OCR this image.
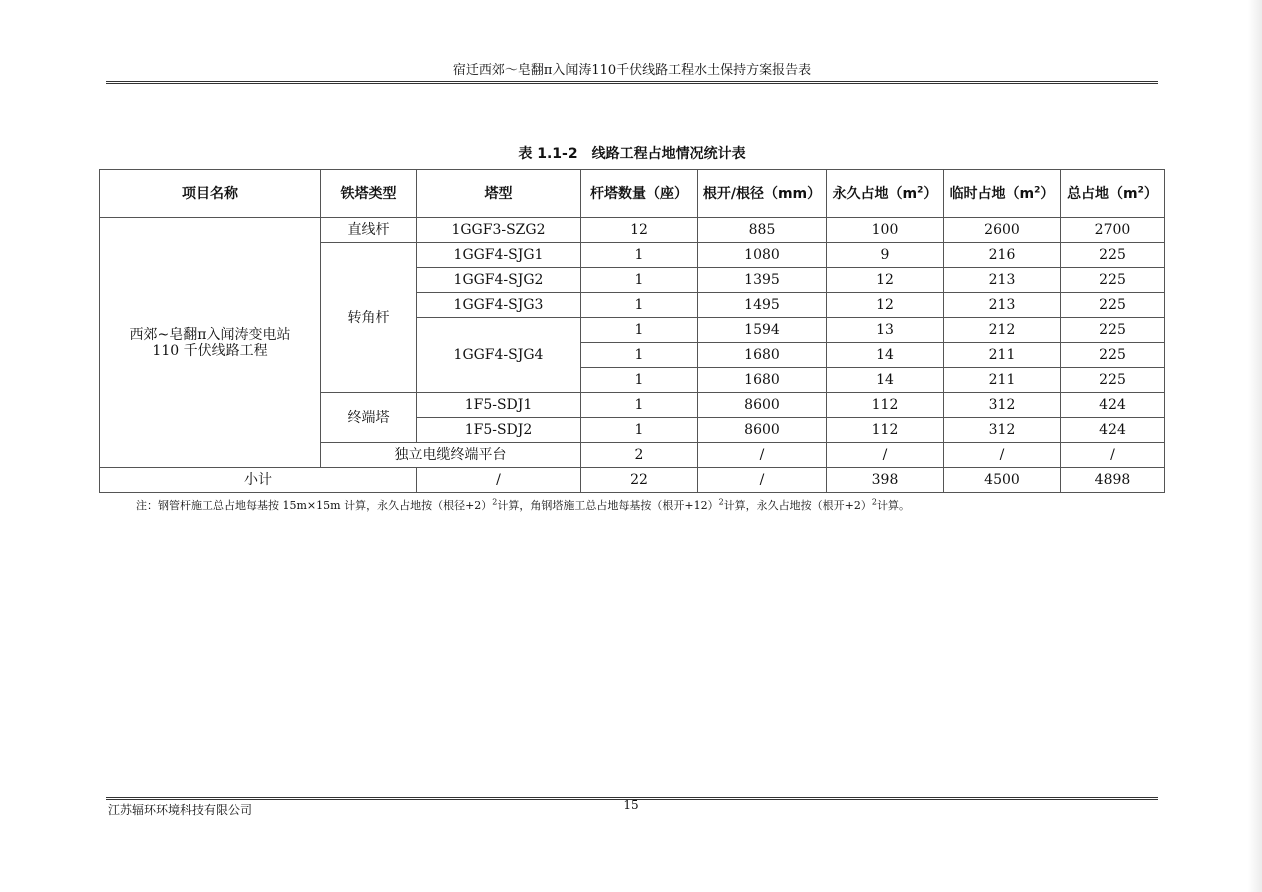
宿迁西郊～皂翻π入闻涛110千伏线路工程水土保持方案报告表
表 1.1-2　线路工程占地情况统计表
项目名称	铁塔类型	塔型	杆塔数量（座）	根开/根径（mm）	永久占地$(m^2)$	临时占地$(m^2)$	总占地$(m^2)$

西郊~皂翻π入闻涛变电站
110 千伏线路工程	直线杆	1GGF3-SZG2	12	885	100	2600	2700
	转角杆	1GGF4-SJG1	1	1080	9	216	225
		1GGF4-SJG2	1	1395	12	213	225
		1GGF4-SJG3	1	1495	12	213	225
		1GGF4-SJG4	1	1594	13	212	225
			1	1680	14	211	225
			1	1680	14	211	225
	终端塔	1F5-SDJ1	1	8600	112	312	424
		1F5-SDJ2	1	8600	112	312	424
	独立电缆终端平台		2	/	/	/	/
小计		/	22	/	398	4500	4898
注：钢管杆施工总占地每基按 15m×15m 计算，永久占地按（根径+2）$^2$计算，角钢塔施工总占地每基按（根开+12）$^2$计算，永久占地按（根开+2）$^2$计算。
江苏辐环环境科技有限公司	15
